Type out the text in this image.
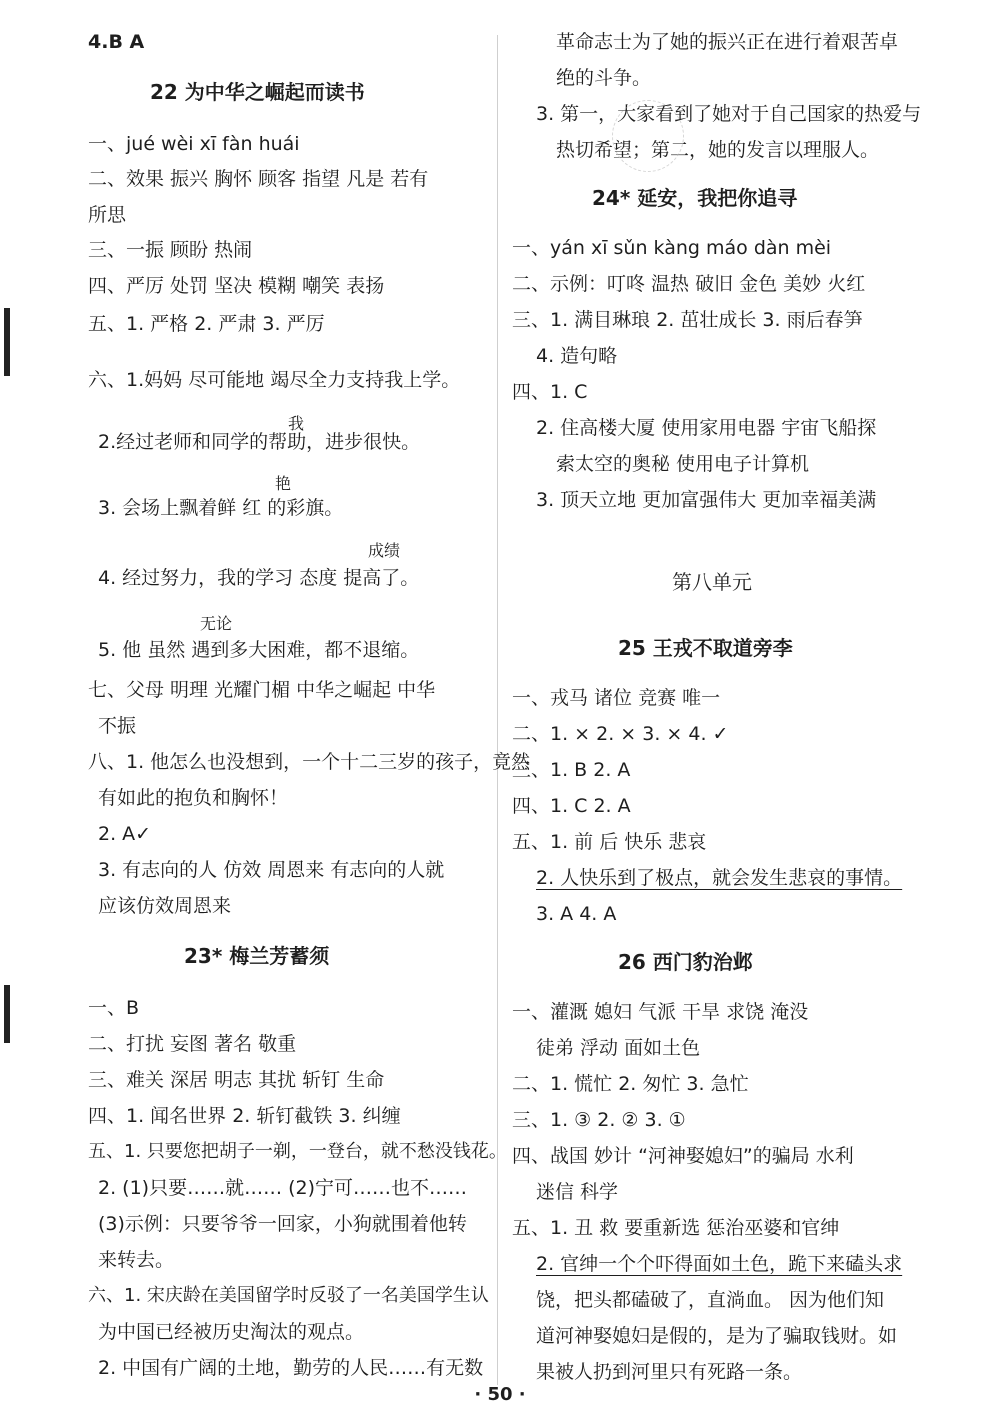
4.B A
22 为中华之崛起而读书
一、jué wèi xī fàn huái
二、效果 振兴 胸怀 顾客 指望 凡是 若有
所思
三、一振 顾盼 热闹
四、严厉 处罚 坚决 模糊 嘲笑 表扬
五、1. 严格 2. 严肃 3. 严厉
六、1.妈妈 尽可能地 竭尽全力支持我上学。
我
2.经过老师和同学的帮助，进步很快。
艳
3. 会场上飘着鲜 红 的彩旗。
成绩
4. 经过努力，我的学习 态度 提高了。
无论
5. 他 虽然 遇到多大困难，都不退缩。
七、父母 明理 光耀门楣 中华之崛起 中华
不振
八、1. 他怎么也没想到，一个十二三岁的孩子，竟然
有如此的抱负和胸怀！
2. A✓
3. 有志向的人 仿效 周恩来 有志向的人就
应该仿效周恩来
23* 梅兰芳蓄须
一、B
二、打扰 妄图 著名 敬重
三、难关 深居 明志 其扰 斩钉 生命
四、1. 闻名世界 2. 斩钉截铁 3. 纠缠
五、1. 只要您把胡子一剃，一登台，就不愁没钱花。
2. (1)只要……就…… (2)宁可……也不……
(3)示例：只要爷爷一回家，小狗就围着他转
来转去。
六、1. 宋庆龄在美国留学时反驳了一名美国学生认
为中国已经被历史淘汰的观点。
2. 中国有广阔的土地，勤劳的人民……有无数
革命志士为了她的振兴正在进行着艰苦卓
绝的斗争。
3. 第一，大家看到了她对于自己国家的热爱与
热切希望；第二，她的发言以理服人。
24* 延安，我把你追寻
一、yán xī sǔn kàng máo dàn mèi
二、示例：叮咚 温热 破旧 金色 美妙 火红
三、1. 满目琳琅 2. 茁壮成长 3. 雨后春笋
4. 造句略
四、1. C
2. 住高楼大厦 使用家用电器 宇宙飞船探
索太空的奥秘 使用电子计算机
3. 顶天立地 更加富强伟大 更加幸福美满
第八单元
25 王戎不取道旁李
一、戎马 诸位 竞赛 唯一
二、1. × 2. × 3. × 4. ✓
三、1. B 2. A
四、1. C 2. A
五、1. 前 后 快乐 悲哀
2. 人快乐到了极点，就会发生悲哀的事情。
3. A 4. A
26 西门豹治邺
一、灌溉 媳妇 气派 干旱 求饶 淹没
徒弟 浮动 面如土色
二、1. 慌忙 2. 匆忙 3. 急忙
三、1. ③ 2. ② 3. ①
四、战国 妙计 “河神娶媳妇”的骗局 水利
迷信 科学
五、1. 丑 救 要重新选 惩治巫婆和官绅
2. 官绅一个个吓得面如土色，跪下来磕头求
饶，把头都磕破了，直淌血。 因为他们知
道河神娶媳妇是假的，是为了骗取钱财。如
果被人扔到河里只有死路一条。
· 50 ·
